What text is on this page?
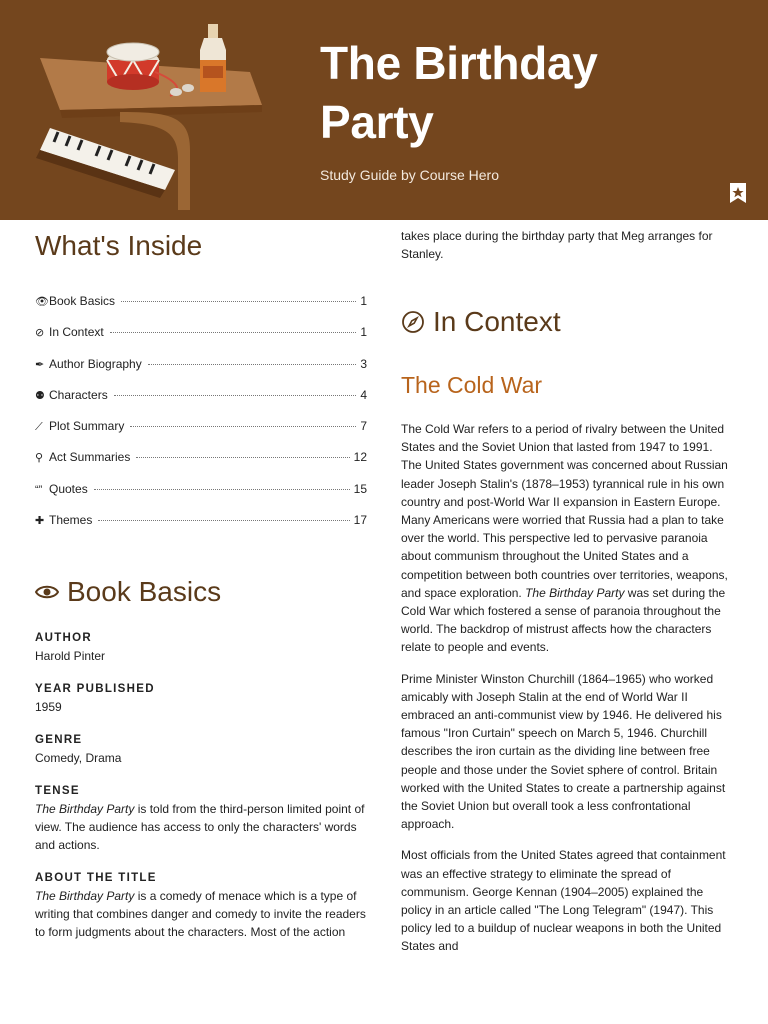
The Birthday
Party
Study Guide by Course Hero
What's Inside
👁 Book Basics	1
⊘ In Context	1
✒ Author Biography	3
⚉ Characters	4
⟋ Plot Summary	7
⚲ Act Summaries	12
“” Quotes	15
✚ Themes	17
Book Basics

AUTHOR

Harold Pinter

YEAR PUBLISHED

1959

GENRE

Comedy, Drama

TENSE

The Birthday Party is told from the third-person limited point of view. The audience has access to only the characters' words and actions.

ABOUT THE TITLE

The Birthday Party is a comedy of menace which is a type of writing that combines danger and comedy to invite the readers to form judgments about the characters. Most of the action

takes place during the birthday party that Meg arranges for Stanley.

In Context
The Cold War

The Cold War refers to a period of rivalry between the United States and the Soviet Union that lasted from 1947 to 1991. The United States government was concerned about Russian leader Joseph Stalin's (1878–1953) tyrannical rule in his own country and post-World War II expansion in Eastern Europe. Many Americans were worried that Russia had a plan to take over the world. This perspective led to pervasive paranoia about communism throughout the United States and a competition between both countries over territories, weapons, and space exploration. The Birthday Party was set during the Cold War which fostered a sense of paranoia throughout the world. The backdrop of mistrust affects how the characters relate to people and events.

Prime Minister Winston Churchill (1864–1965) who worked amicably with Joseph Stalin at the end of World War II embraced an anti-communist view by 1946. He delivered his famous "Iron Curtain" speech on March 5, 1946. Churchill describes the iron curtain as the dividing line between free people and those under the Soviet sphere of control. Britain worked with the United States to create a partnership against the Soviet Union but overall took a less confrontational approach.

Most officials from the United States agreed that containment was an effective strategy to eliminate the spread of communism. George Kennan (1904–2005) explained the policy in an article called "The Long Telegram" (1947). This policy led to a buildup of nuclear weapons in both the United States and
